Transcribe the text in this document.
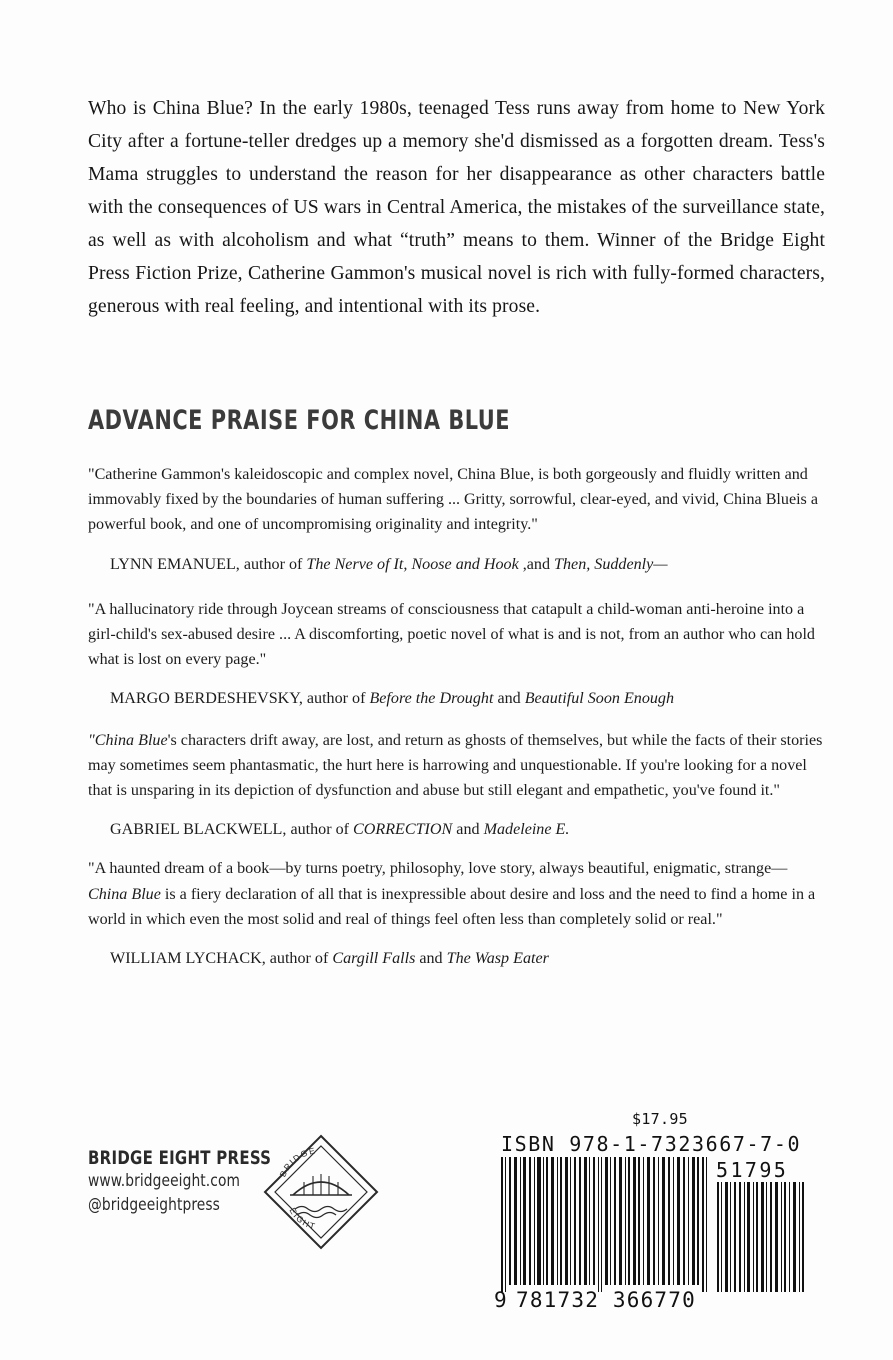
Who is China Blue? In the early 1980s, teenaged Tess runs away from home to New York City after a fortune-teller dredges up a memory she'd dismissed as a forgotten dream. Tess's Mama struggles to understand the reason for her disappearance as other characters battle with the consequences of US wars in Central America, the mistakes of the surveillance state, as well as with alcoholism and what “truth” means to them. Winner of the Bridge Eight Press Fiction Prize, Catherine Gammon's musical novel is rich with fully-formed characters, generous with real feeling, and intentional with its prose.
ADVANCE PRAISE FOR CHINA BLUE
"Catherine Gammon's kaleidoscopic and complex novel, China Blue, is both gorgeously and fluidly written and immovably fixed by the boundaries of human suffering ... Gritty, sorrowful, clear-eyed, and vivid, China Blueis a powerful book, and one of uncompromising originality and integrity."
LYNN EMANUEL, author of The Nerve of It, Noose and Hook ,and Then, Suddenly—
"A hallucinatory ride through Joycean streams of consciousness that catapult a child-woman anti-heroine into a girl-child's sex-abused desire ... A discomforting, poetic novel of what is and is not, from an author who can hold what is lost on every page."
MARGO BERDESHEVSKY, author of Before the Drought and Beautiful Soon Enough
"China Blue's characters drift away, are lost, and return as ghosts of themselves, but while the facts of their stories may sometimes seem phantasmatic, the hurt here is harrowing and unquestionable. If you're looking for a novel that is unsparing in its depiction of dysfunction and abuse but still elegant and empathetic, you've found it."
GABRIEL BLACKWELL, author of CORRECTION and Madeleine E.
"A haunted dream of a book—by turns poetry, philosophy, love story, always beautiful, enigmatic, strange—China Blue is a fiery declaration of all that is inexpressible about desire and loss and the need to find a home in a world in which even the most solid and real of things feel often less than completely solid or real."
WILLIAM LYCHACK, author of Cargill Falls and The Wasp Eater
BRIDGE EIGHT PRESS
www.bridgeeight.com
@bridgeeightpress
BRIDGE
EIGHT
$17.95
ISBN 978-1-7323667-7-0
51795
9 781732 366770
